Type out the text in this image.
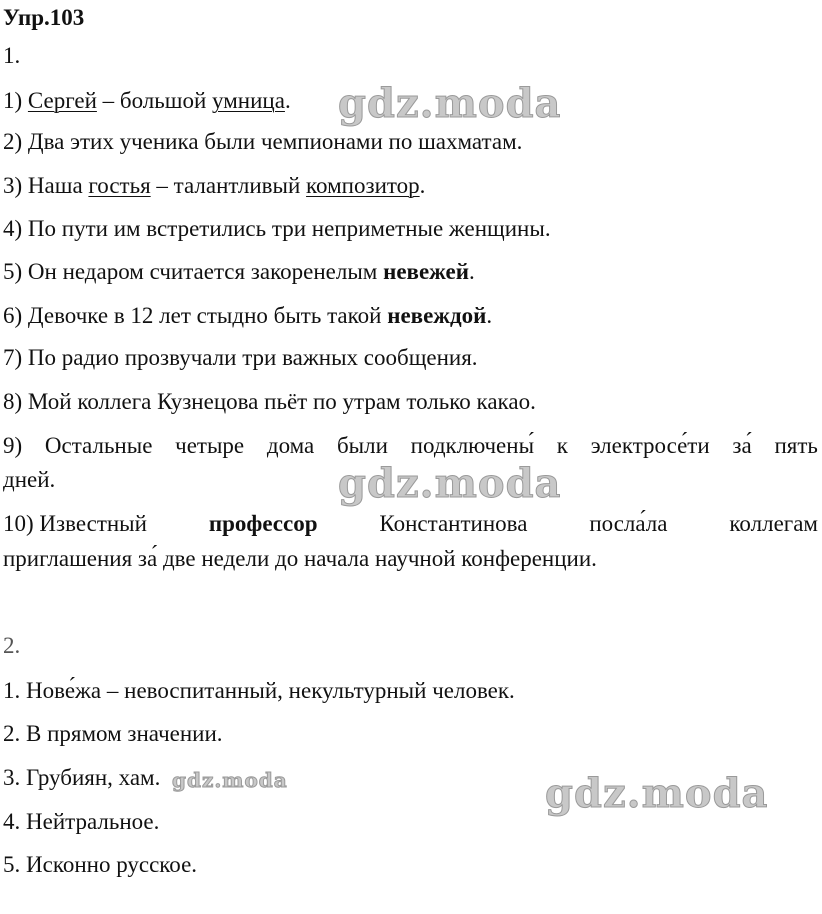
Упр.103
1.
1) Сергей – большой умница.
2) Два этих ученика были чемпионами по шахматам.
3) Наша гостья – талантливый композитор.
4) По пути им встретились три неприметные женщины.
5) Он недаром считается закоренелым невежей.
6) Девочке в 12 лет стыдно быть такой невеждой.
7) По радио прозвучали три важных сообщения.
8) Мой коллега Кузнецова пьёт по утрам только какао.
9) Остальные четыре дома были подключены́ к электросе́ти за́ пять
дней.
10) Известный	профессор	Константинова	посла́ла	коллегам
приглашения за́ две недели до начала научной конференции.
2.
1. Нове́жа – невоспитанный, некультурный человек.
2. В прямом значении.
3. Грубиян, хам.
4. Нейтральное.
5. Исконно русское.
gdz.moda
gdz.moda
gdz.moda	gdz.moda
